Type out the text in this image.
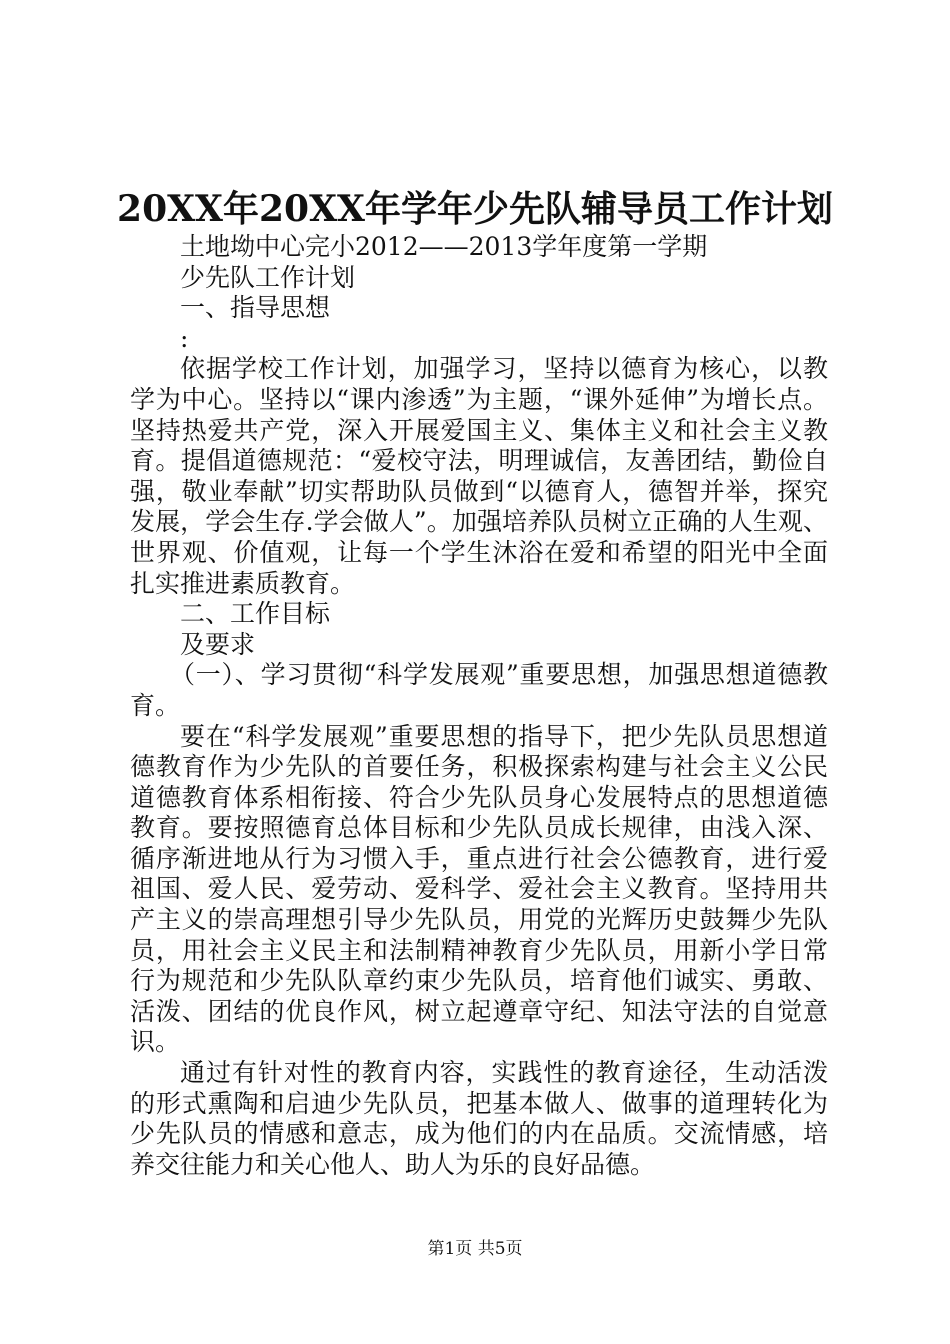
20XX年20XX年学年少先队辅导员工作计划

土地坳中心完小2012——2013学年度第一学期

少先队工作计划

一、指导思想

:

依据学校工作计划，加强学习，坚持以德育为核心，以教学为中心。坚持以“课内渗透”为主题，“课外延伸”为增长点。坚持热爱共产党，深入开展爱国主义、集体主义和社会主义教育。提倡道德规范：“爱校守法，明理诚信，友善团结，勤俭自强，敬业奉献”切实帮助队员做到“以德育人，德智并举，探究发展，学会生存.学会做人”。加强培养队员树立正确的人生观、世界观、价值观，让每一个学生沐浴在爱和希望的阳光中全面扎实推进素质教育。

二、工作目标

及要求

（一）、学习贯彻“科学发展观”重要思想，加强思想道德教育。

要在“科学发展观”重要思想的指导下，把少先队员思想道德教育作为少先队的首要任务，积极探索构建与社会主义公民道德教育体系相衔接、符合少先队员身心发展特点的思想道德教育。要按照德育总体目标和少先队员成长规律，由浅入深、循序渐进地从行为习惯入手，重点进行社会公德教育，进行爱祖国、爱人民、爱劳动、爱科学、爱社会主义教育。坚持用共产主义的崇高理想引导少先队员，用党的光辉历史鼓舞少先队员，用社会主义民主和法制精神教育少先队员，用新小学日常行为规范和少先队队章约束少先队员，培育他们诚实、勇敢、活泼、团结的优良作风，树立起遵章守纪、知法守法的自觉意识。

通过有针对性的教育内容，实践性的教育途径，生动活泼的形式熏陶和启迪少先队员，把基本做人、做事的道理转化为少先队员的情感和意志，成为他们的内在品质。交流情感，培养交往能力和关心他人、助人为乐的良好品德。

第1页 共5页
